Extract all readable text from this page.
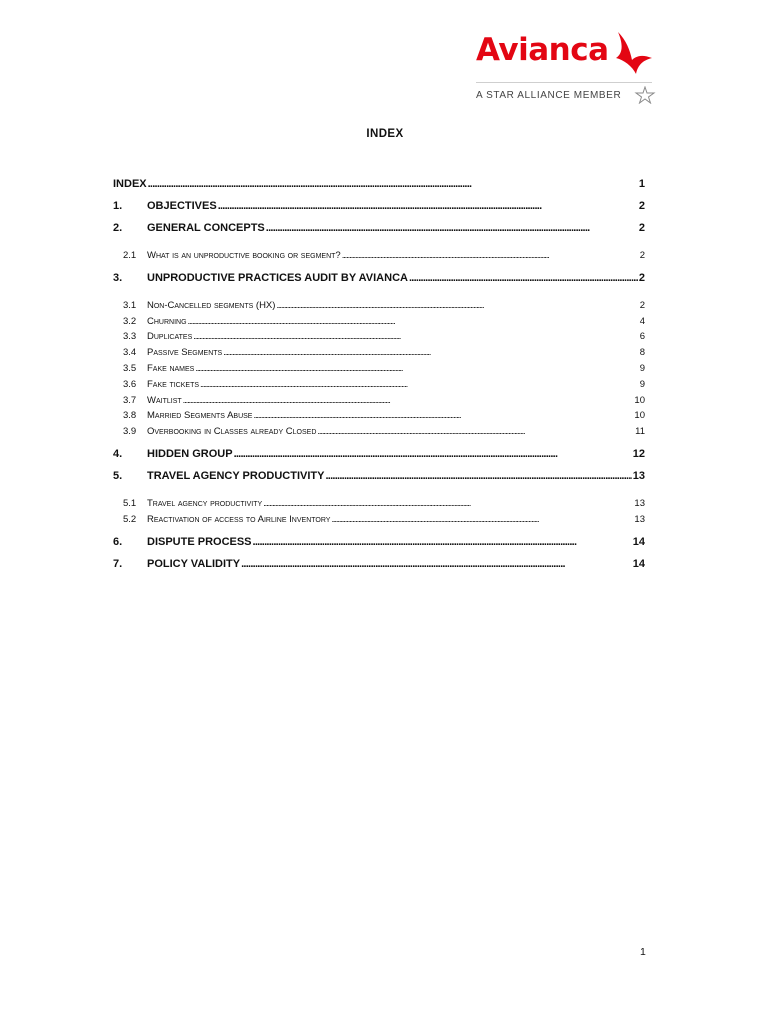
Avianca
A STAR ALLIANCE MEMBER
INDEX
INDEX . . .	1
1.	OBJECTIVES . . .	2
2.	GENERAL CONCEPTS . . .	2
2.1	What is an unproductive booking or segment? . . .	2
3.	UNPRODUCTIVE PRACTICES AUDIT BY AVIANCA . . .	2
3.1	Non-Cancelled segments (HX) . . .	2
3.2	Churning . . .	4
3.3	Duplicates . . .	6
3.4	Passive Segments . . .	8
3.5	Fake names . . .	9
3.6	Fake tickets . . .	9
3.7	Waitlist . . .	10
3.8	Married Segments Abuse . . .	10
3.9	Overbooking in Classes already Closed . . .	11
4.	HIDDEN GROUP . . .	12
5.	TRAVEL AGENCY PRODUCTIVITY . . .	13
5.1	Travel agency productivity . . .	13
5.2	Reactivation of access to Airline Inventory . . .	13
6.	DISPUTE PROCESS . . .	14
7.	POLICY VALIDITY . . .	14
1
